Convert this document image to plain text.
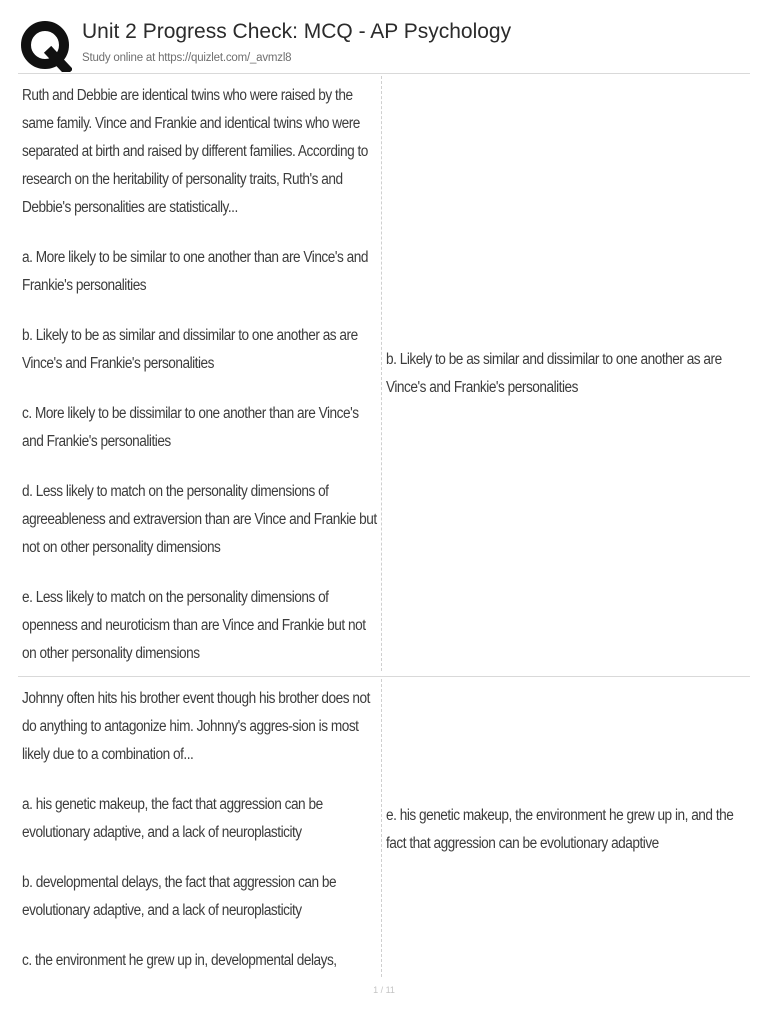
Unit 2 Progress Check: MCQ - AP Psychology
Study online at https://quizlet.com/_avmzl8

Ruth and Debbie are identical twins who were raised by the same family. Vince and Frankie and identical twins who were separated at birth and raised by different families. According to research on the heritability of personality traits, Ruth's and Debbie's personalities are statistically...

a. More likely to be similar to one another than are Vince's and Frankie's personalities

b. Likely to be as similar and dissimilar to one another as are Vince's and Frankie's personalities

c. More likely to be dissimilar to one another than are Vince's and Frankie's personalities

d. Less likely to match on the personality dimensions of agreeableness and extraversion than are Vince and Frankie but not on other personality dimensions

e. Less likely to match on the personality dimensions of openness and neuroticism than are Vince and Frankie but not on other personality dimensions

b. Likely to be as similar and dissimilar to one another as are Vince's and Frankie's personalities

Johnny often hits his brother event though his brother does not do anything to antagonize him. Johnny's aggres-sion is most likely due to a combination of...

a. his genetic makeup, the fact that aggression can be evolutionary adaptive, and a lack of neuroplasticity

b. developmental delays, the fact that aggression can be evolutionary adaptive, and a lack of neuroplasticity

c. the environment he grew up in, developmental delays,

e. his genetic makeup, the environment he grew up in, and the fact that aggression can be evolutionary adaptive
1 / 11
